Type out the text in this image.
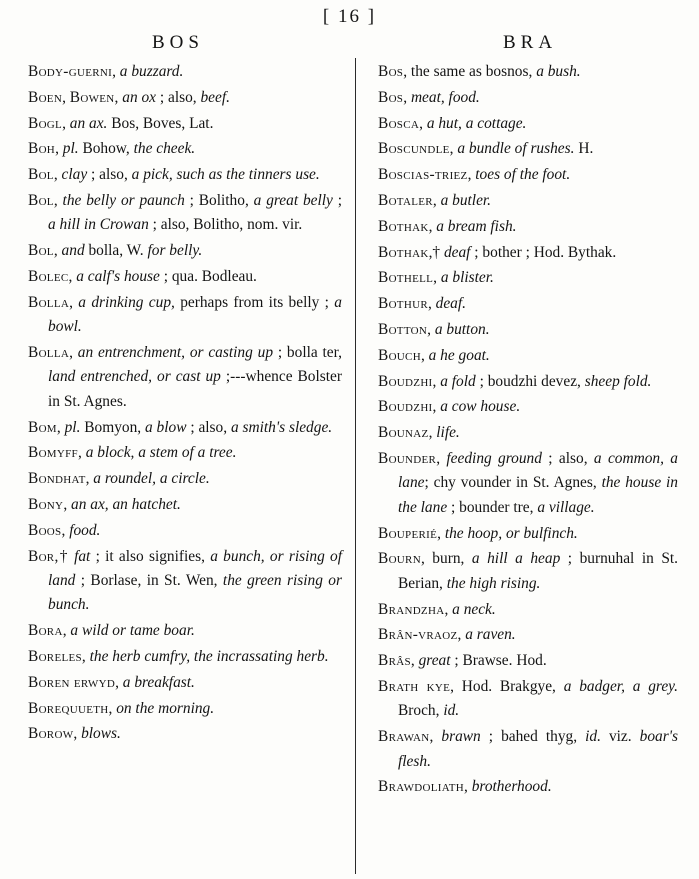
[ 16 ]
BOS	BRA
Body-guerni, a buzzard.
Boen, Bowen, an ox ; also, beef.
Bogl, an ax. Bos, Boves, Lat.
Boh, pl. Bohow, the cheek.
Bol, clay ; also, a pick, such as the tinners use.
Bol, the belly or paunch ; Bolitho, a great belly ; a hill in Crowan ; also, Bolitho, nom. vir.
Bol, and bolla, W. for belly.
Bolec, a calf's house ; qua. Bodleau.
Bolla, a drinking cup, perhaps from its belly ; a bowl.
Bolla, an entrenchment, or casting up ; bolla ter, land entrenched, or cast up ;---whence Bolster in St. Agnes.
Bom, pl. Bomyon, a blow ; also, a smith's sledge.
Bomyff, a block, a stem of a tree.
Bondhat, a roundel, a circle.
Bony, an ax, an hatchet.
Boos, food.
Bor,† fat ; it also signifies, a bunch, or rising of land ; Borlase, in St. Wen, the green rising or bunch.
Bora, a wild or tame boar.
Boreles, the herb cumfry, the incrassating herb.
Boren erwyd, a breakfast.
Borequueth, on the morning.
Borow, blows.
Bos, the same as bosnos, a bush.
Bos, meat, food.
Bosca, a hut, a cottage.
Boscundle, a bundle of rushes. H.
Boscias-triez, toes of the foot.
Botaler, a butler.
Bothak, a bream fish.
Bothak,† deaf ; bother ; Hod. Bythak.
Bothell, a blister.
Bothur, deaf.
Botton, a button.
Bouch, a he goat.
Boudzhi, a fold ; boudzhi devez, sheep fold.
Boudzhi, a cow house.
Bounaz, life.
Bounder, feeding ground ; also, a common, a lane; chy vounder in St. Agnes, the house in the lane ; bounder tre, a village.
Bouperié, the hoop, or bulfinch.
Bourn, burn, a hill a heap ; burnuhal in St. Berian, the high rising.
Brandzha, a neck.
Brân-vraoz, a raven.
Brâs, great ; Brawse. Hod.
Brath kye, Hod. Brakgye, a badger, a grey. Broch, id.
Brawan, brawn ; bahed thyg, id. viz. boar's flesh.
Brawdoliath, brotherhood.
